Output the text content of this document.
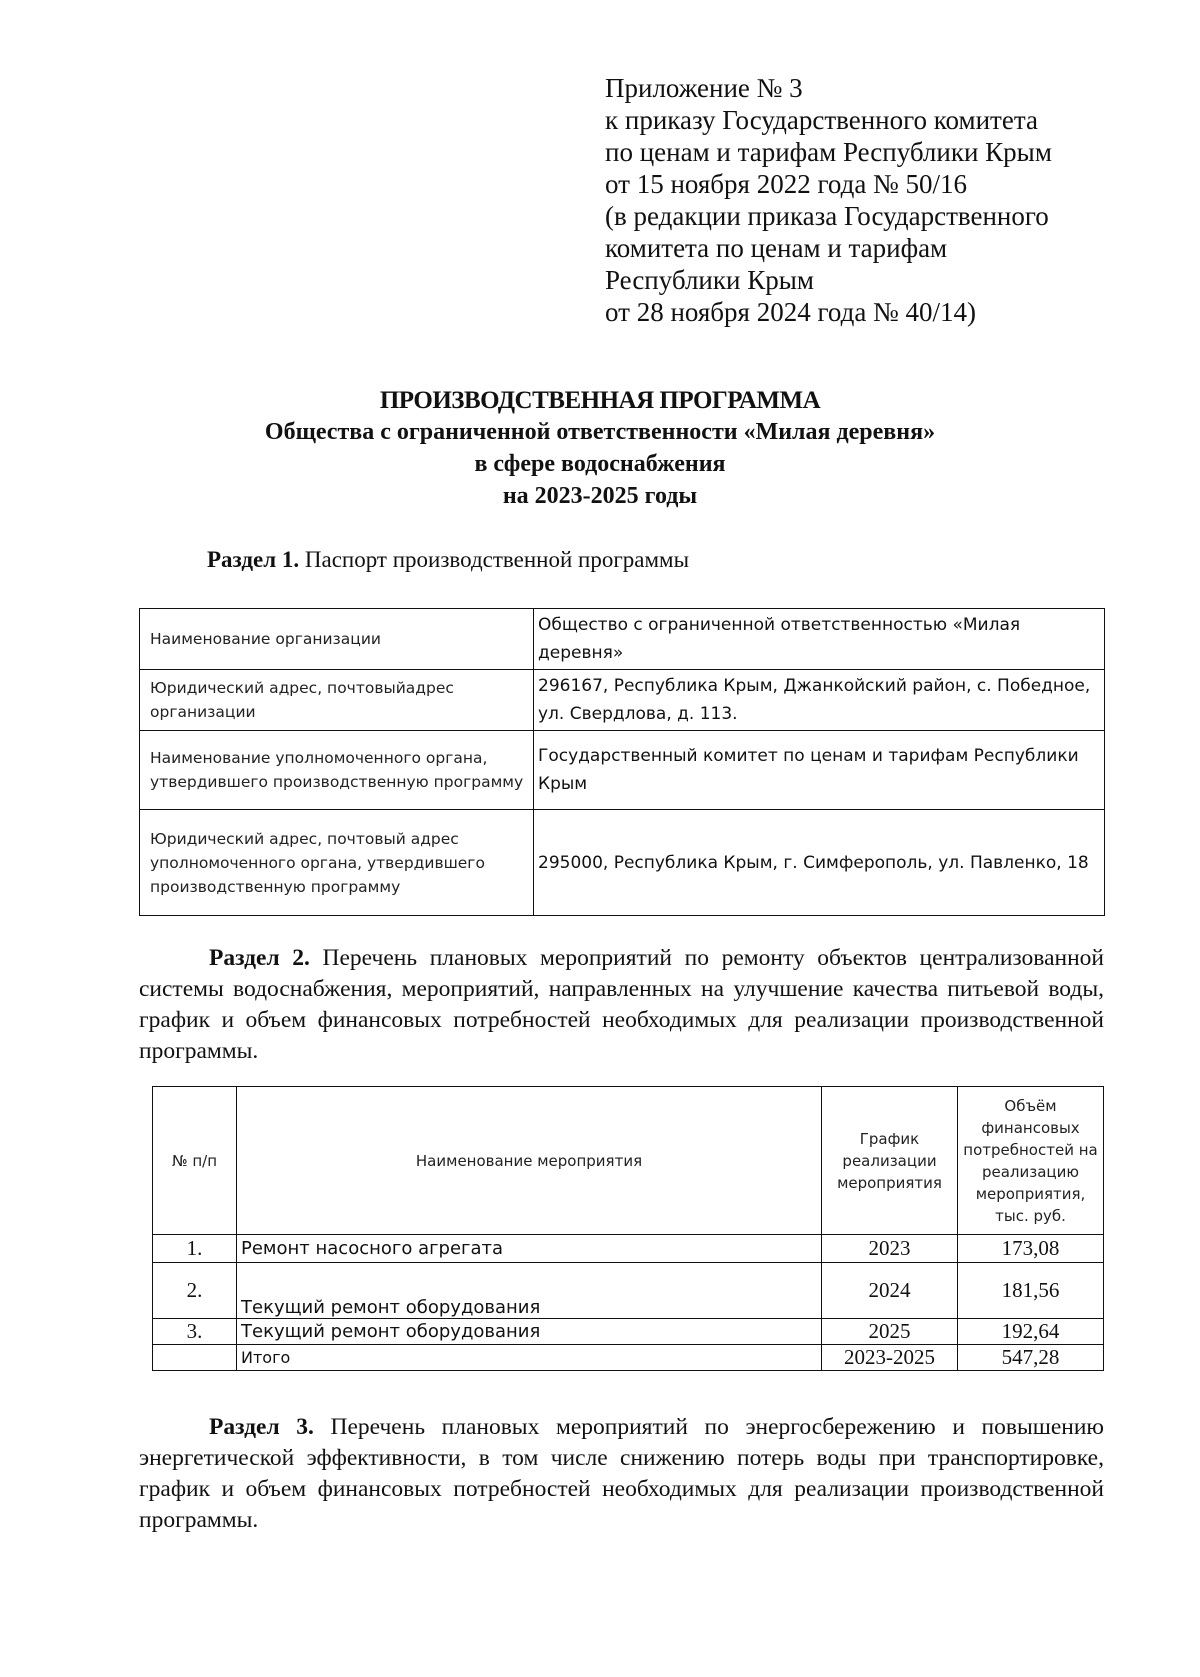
Приложение № 3
к приказу Государственного комитета
по ценам и тарифам Республики Крым
от 15 ноября 2022 года № 50/16
(в редакции приказа Государственного
комитета по ценам и тарифам
Республики Крым
от 28 ноября 2024 года № 40/14)
ПРОИЗВОДСТВЕННАЯ ПРОГРАММА
Общества с ограниченной ответственности «Милая деревня»
в сфере водоснабжения
на 2023-2025 годы
Раздел 1. Паспорт производственной программы
Наименование организации	Общество с ограниченной ответственностью «Милая деревня»
Юридический адрес, почтовыйадрес организации	296167, Республика Крым, Джанкойский район, с. Победное, ул. Свердлова, д. 113.
Наименование уполномоченного органа, утвердившего производственную программу	Государственный комитет по ценам и тарифам Республики Крым
Юридический адрес, почтовый адрес уполномоченного органа, утвердившего производственную программу	295000, Республика Крым, г. Симферополь, ул. Павленко, 18
Раздел 2. Перечень плановых мероприятий по ремонту объектов централизованной системы водоснабжения, мероприятий, направленных на улучшение качества питьевой воды, график и объем финансовых потребностей необходимых для реализации производственной программы.
№ п/п	Наименование мероприятия	График реализации мероприятия	Объём финансовых потребностей на реализацию мероприятия, тыс. руб.
1.	Ремонт насосного агрегата	2023	173,08
2.	Текущий ремонт оборудования	2024	181,56
3.	Текущий ремонт оборудования	2025	192,64
	Итого	2023-2025	547,28
Раздел 3. Перечень плановых мероприятий по энергосбережению и повышению энергетической эффективности, в том числе снижению потерь воды при транспортировке, график и объем финансовых потребностей необходимых для реализации производственной программы.
